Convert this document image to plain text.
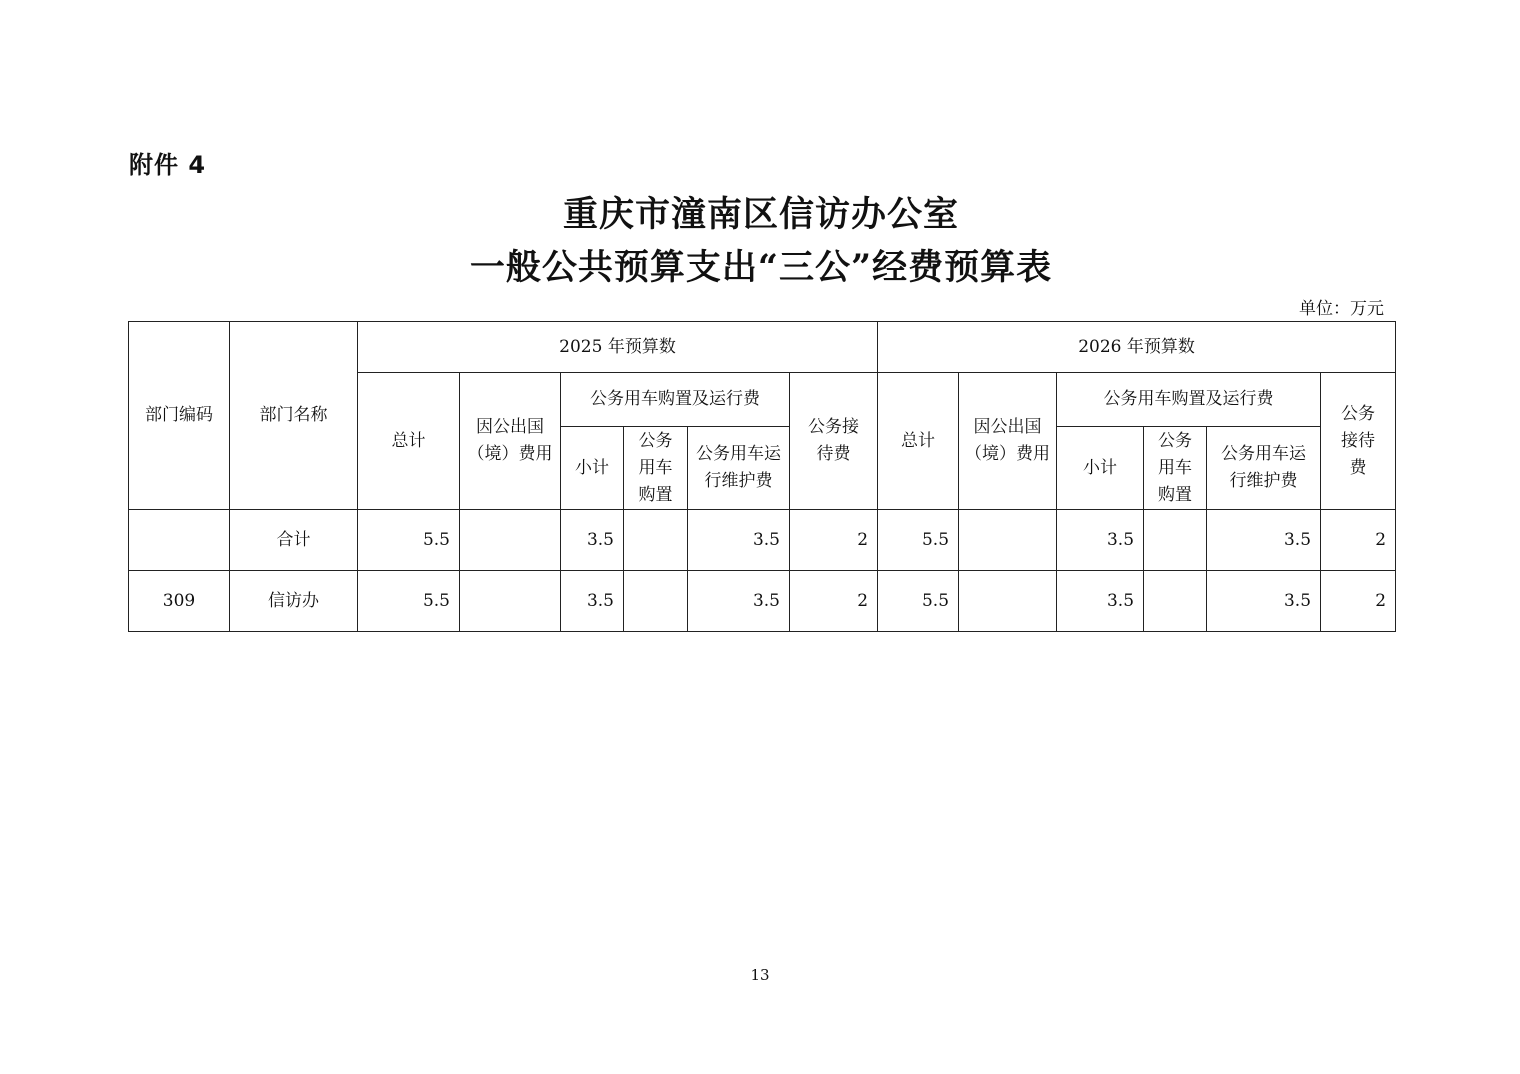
附件 4
重庆市潼南区信访办公室
一般公共预算支出“三公”经费预算表
单位：万元
部门编码	部门名称	2025 年预算数						2026 年预算数					
		总计	因公出国（境）费用	公务用车购置及运行费			公务接待费	总计	因公出国（境）费用	公务用车购置及运行费			公务接待费
				小计	公务用车购置	公务用车运行维护费				小计	公务用车购置	公务用车运行维护费	
	合计	5.5		3.5		3.5	2	5.5		3.5		3.5	2
309	信访办	5.5		3.5		3.5	2	5.5		3.5		3.5	2
13
